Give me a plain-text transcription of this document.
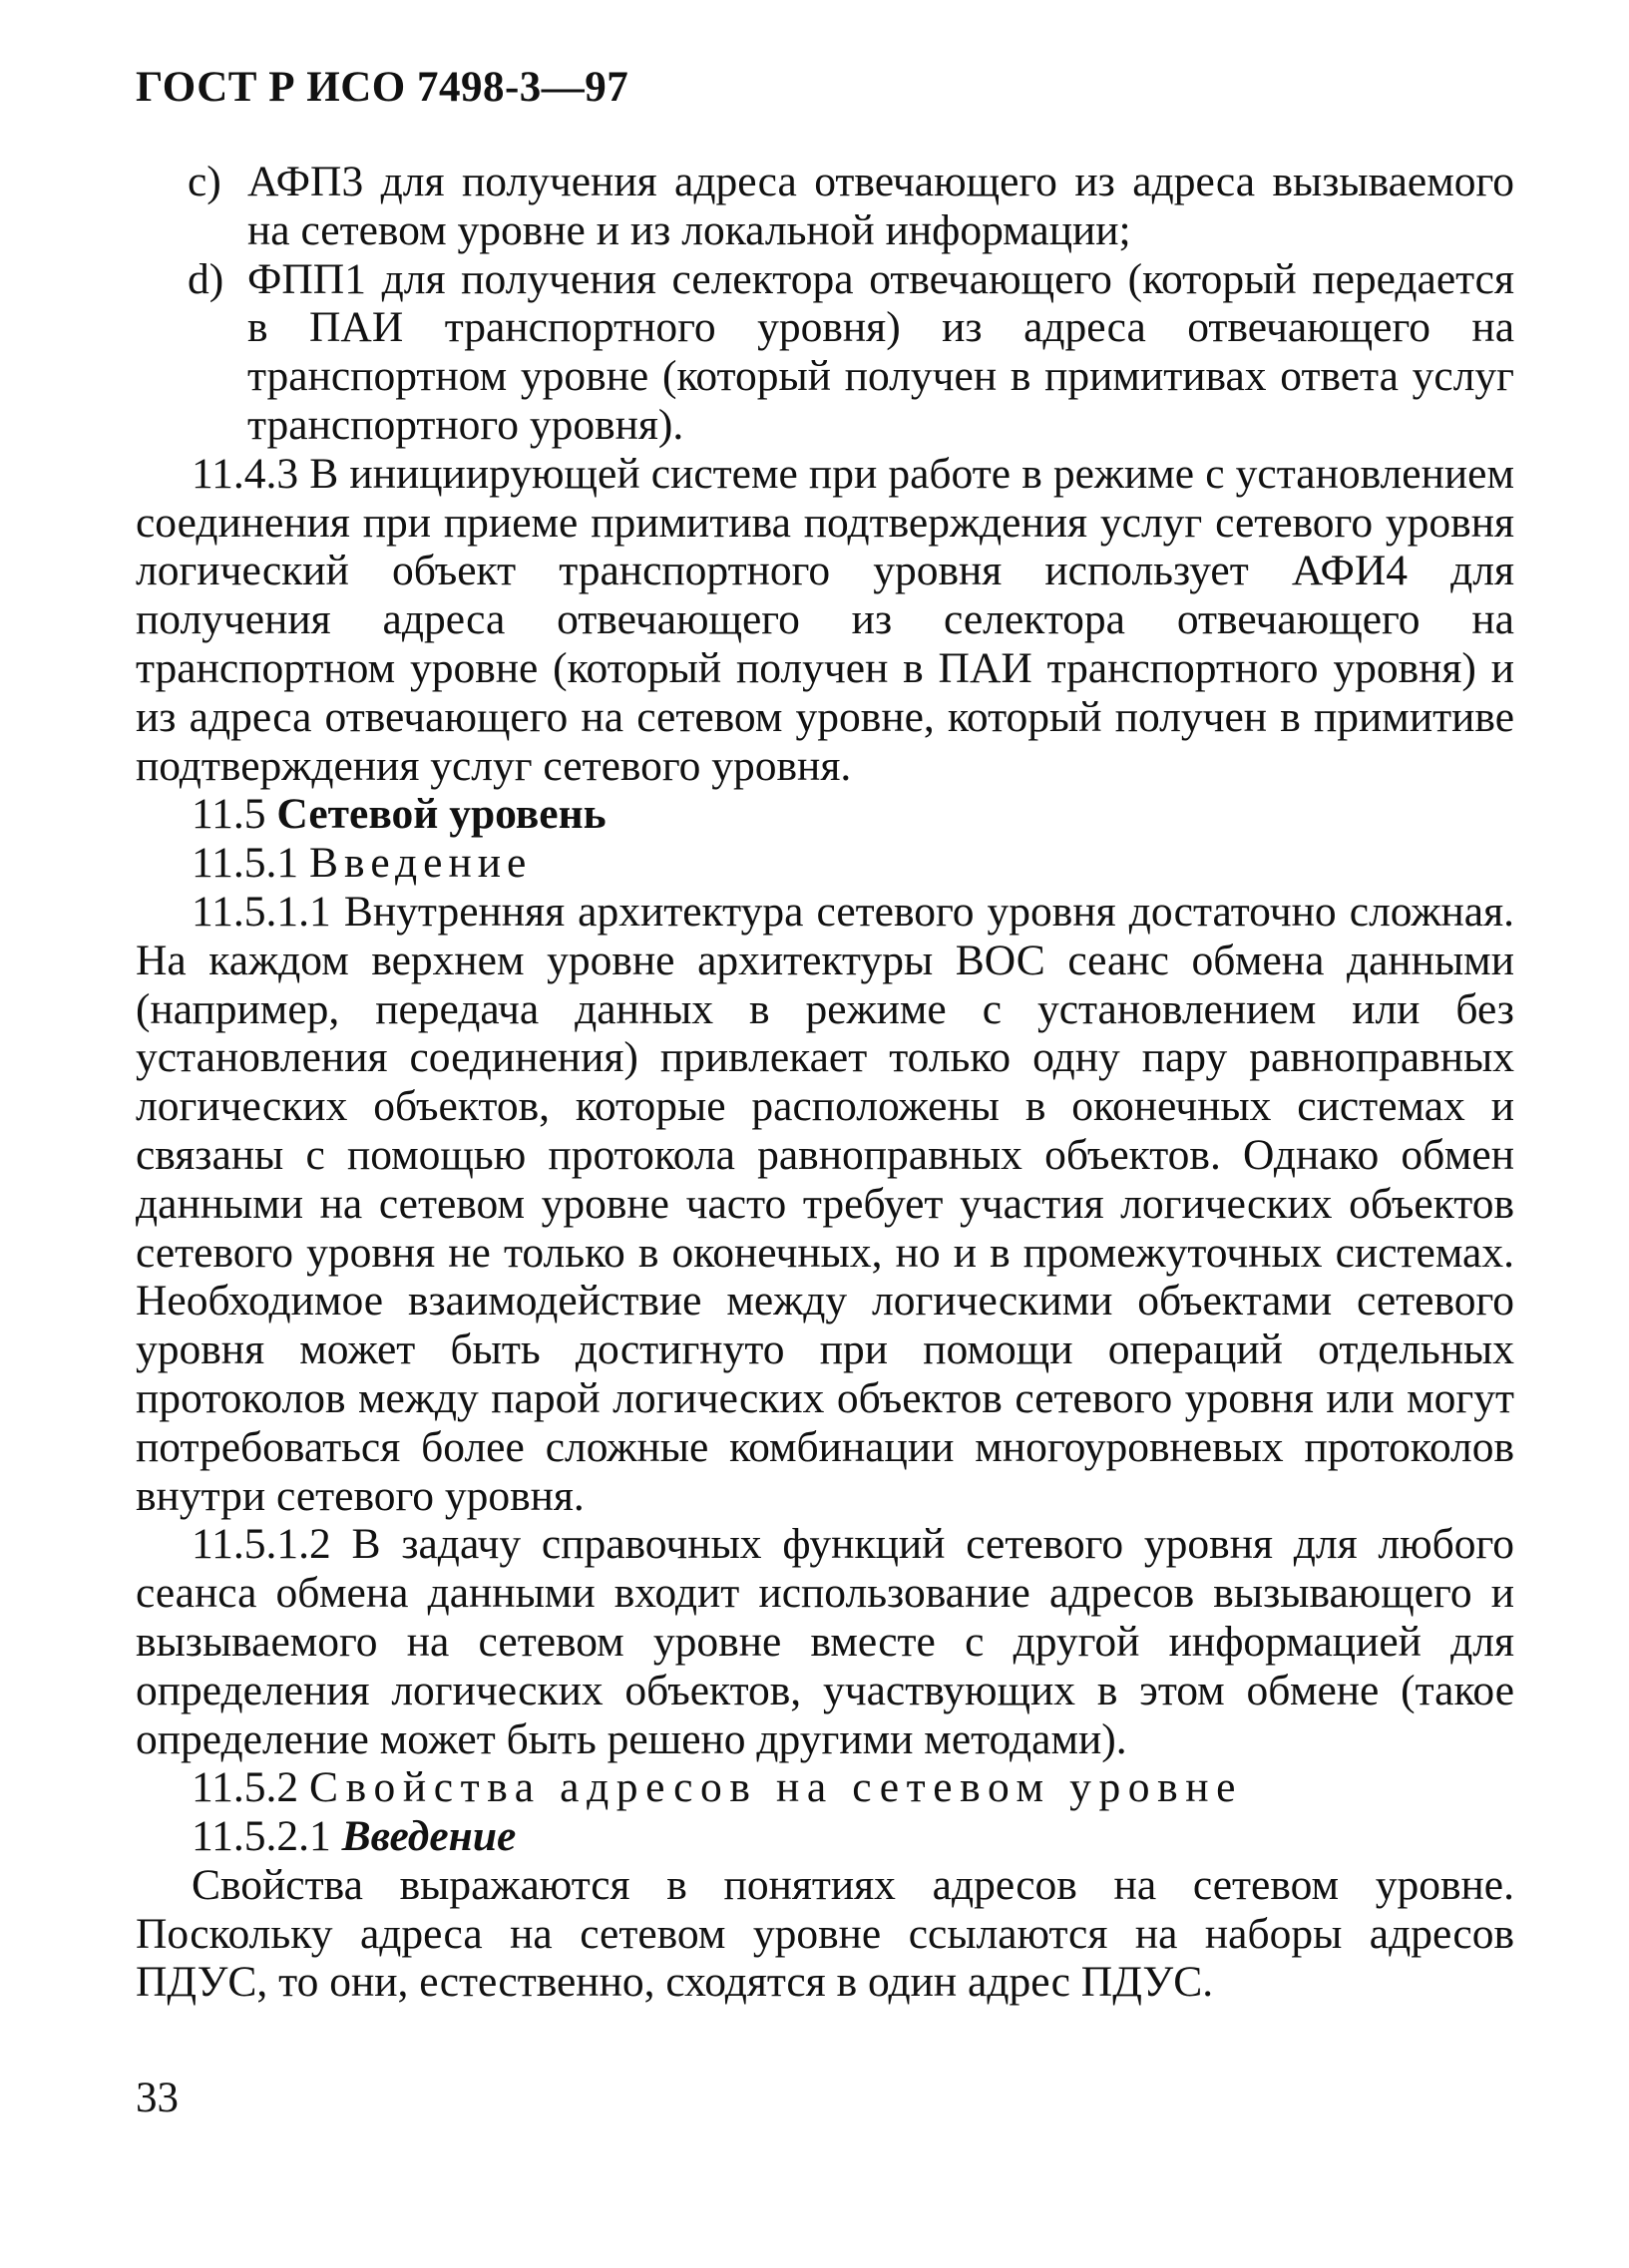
ГОСТ Р ИСО 7498-3—97
c) АФП3 для получения адреса отвечающего из адреса вызываемого на сетевом уровне и из локальной информации;
d) ФПП1 для получения селектора отвечающего (который передается в ПАИ транспортного уровня) из адреса отвечающего на транспортном уровне (который получен в примитивах ответа услуг транспортного уровня).
11.4.3 В инициирующей системе при работе в режиме с установлением соединения при приеме примитива подтверждения услуг сетевого уровня логический объект транспортного уровня использует АФИ4 для получения адреса отвечающего из селектора отвечающего на транспортном уровне (который получен в ПАИ транспортного уровня) и из адреса отвечающего на сетевом уровне, который получен в примитиве подтверждения услуг сетевого уровня.
11.5 Сетевой уровень
11.5.1 Введение
11.5.1.1 Внутренняя архитектура сетевого уровня достаточно сложная. На каждом верхнем уровне архитектуры ВОС сеанс обмена данными (например, передача данных в режиме с установлением или без установления соединения) привлекает только одну пару равноправных логических объектов, которые расположены в оконечных системах и связаны с помощью протокола равноправных объектов. Однако обмен данными на сетевом уровне часто требует участия логических объектов сетевого уровня не только в оконечных, но и в промежуточных системах. Необходимое взаимодействие между логическими объектами сетевого уровня может быть достигнуто при помощи операций отдельных протоколов между парой логических объектов сетевого уровня или могут потребоваться более сложные комбинации многоуровневых протоколов внутри сетевого уровня.
11.5.1.2 В задачу справочных функций сетевого уровня для любого сеанса обмена данными входит использование адресов вызывающего и вызываемого на сетевом уровне вместе с другой информацией для определения логических объектов, участвующих в этом обмене (такое определение может быть решено другими методами).
11.5.2 Свойства адресов на сетевом уровне
11.5.2.1 Введение
Свойства выражаются в понятиях адресов на сетевом уровне. Поскольку адреса на сетевом уровне ссылаются на наборы адресов ПДУС, то они, естественно, сходятся в один адрес ПДУС.
33
